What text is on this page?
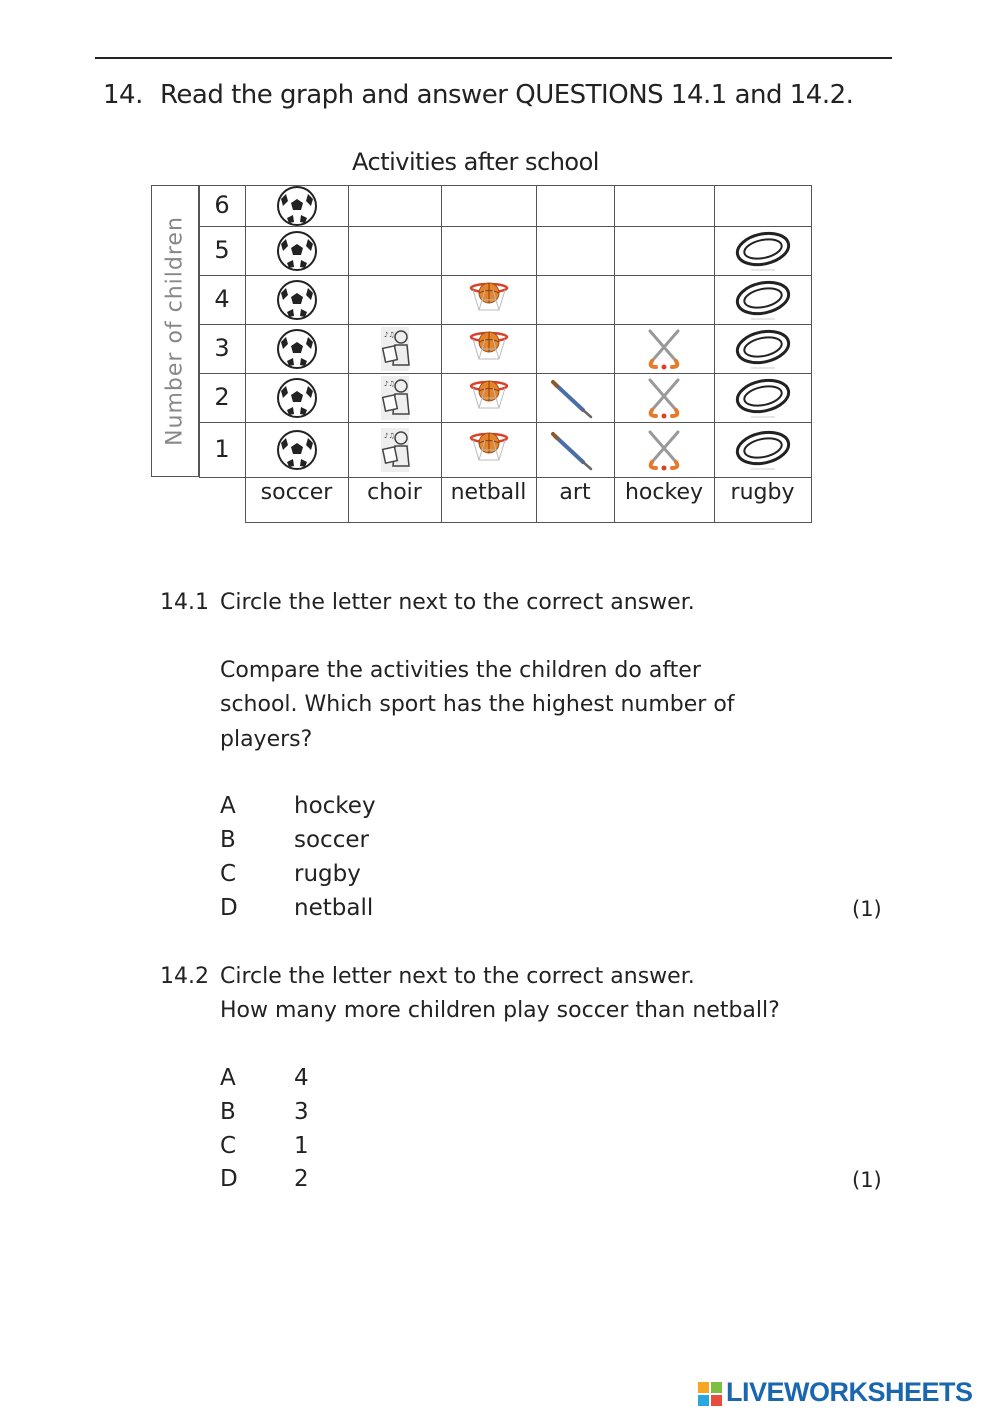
14. Read the graph and answer QUESTIONS 14.1 and 14.2.
Activities after school
Number of children
6
5
4
3
2
1
soccer	choir	netball	art	hockey	rugby
♪♫
♪♫
♪♫
14.1 Circle the letter next to the correct answer.
Compare the activities the children do after
school. Which sport has the highest number of
players?
A	hockey
B	soccer
C	rugby
D netball	(1)
14.2 Circle the letter next to the correct answer.
How many more children play soccer than netball?
A	4
B	3
C	1
D 2	(1)
LIVEWORKSHEETS
